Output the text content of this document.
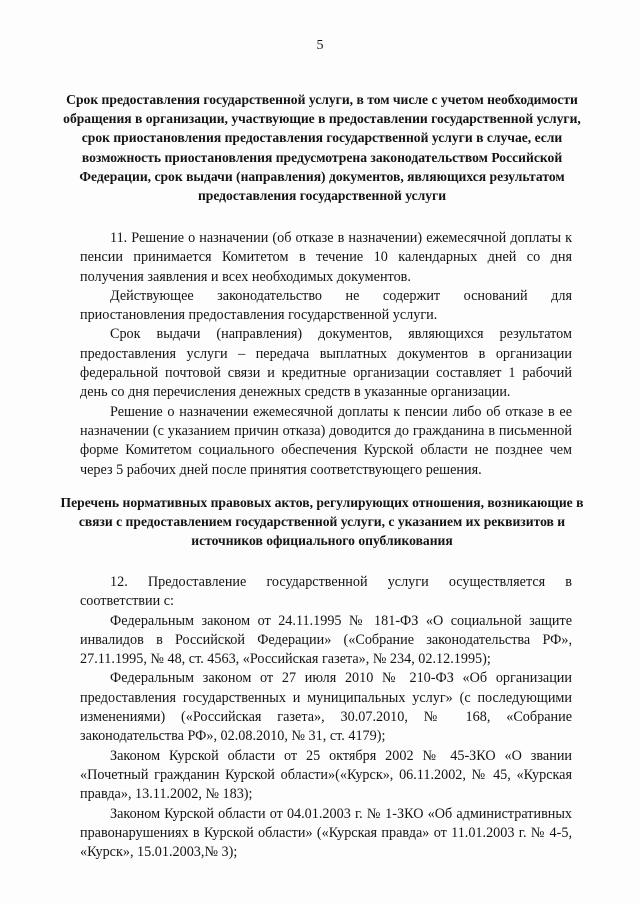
5
Срок предоставления государственной услуги, в том числе с учетом необходимости обращения в организации, участвующие в предоставлении государственной услуги, срок приостановления предоставления государственной услуги в случае, если возможность приостановления предусмотрена законодательством Российской Федерации, срок выдачи (направления) документов, являющихся результатом предоставления государственной услуги

11. Решение о назначении (об отказе в назначении) ежемесячной доплаты к пенсии принимается Комитетом в течение 10 календарных дней со дня получения заявления и всех необходимых документов.

Действующее законодательство не содержит оснований для приостановления предоставления государственной услуги.

Срок выдачи (направления) документов, являющихся результатом предоставления услуги – передача выплатных документов в организации федеральной почтовой связи и кредитные организации составляет 1 рабочий день со дня перечисления денежных средств в указанные организации.

Решение о назначении ежемесячной доплаты к пенсии либо об отказе в ее назначении (с указанием причин отказа) доводится до гражданина в письменной форме Комитетом социального обеспечения Курской области не позднее чем через 5 рабочих дней после принятия соответствующего решения.

Перечень нормативных правовых актов, регулирующих отношения, возникающие в связи с предоставлением государственной услуги, с указанием их реквизитов и источников официального опубликования

12. Предоставление государственной услуги осуществляется в соответствии с:

Федеральным законом от 24.11.1995 № 181-ФЗ «О социальной защите инвалидов в Российской Федерации» («Собрание законодательства РФ», 27.11.1995, № 48, ст. 4563, «Российская газета», № 234, 02.12.1995);

Федеральным законом от 27 июля 2010 № 210-ФЗ «Об организации предоставления государственных и муниципальных услуг» (с последующими изменениями) («Российская газета», 30.07.2010, № 168, «Собрание законодательства РФ», 02.08.2010, № 31, ст. 4179);

Законом Курской области от 25 октября 2002 № 45-ЗКО «О звании «Почетный гражданин Курской области»(«Курск», 06.11.2002, № 45, «Курская правда», 13.11.2002, № 183);

Законом Курской области от 04.01.2003 г. № 1-ЗКО «Об административных правонарушениях в Курской области» («Курская правда» от 11.01.2003 г. № 4-5, «Курск», 15.01.2003,№ 3);
